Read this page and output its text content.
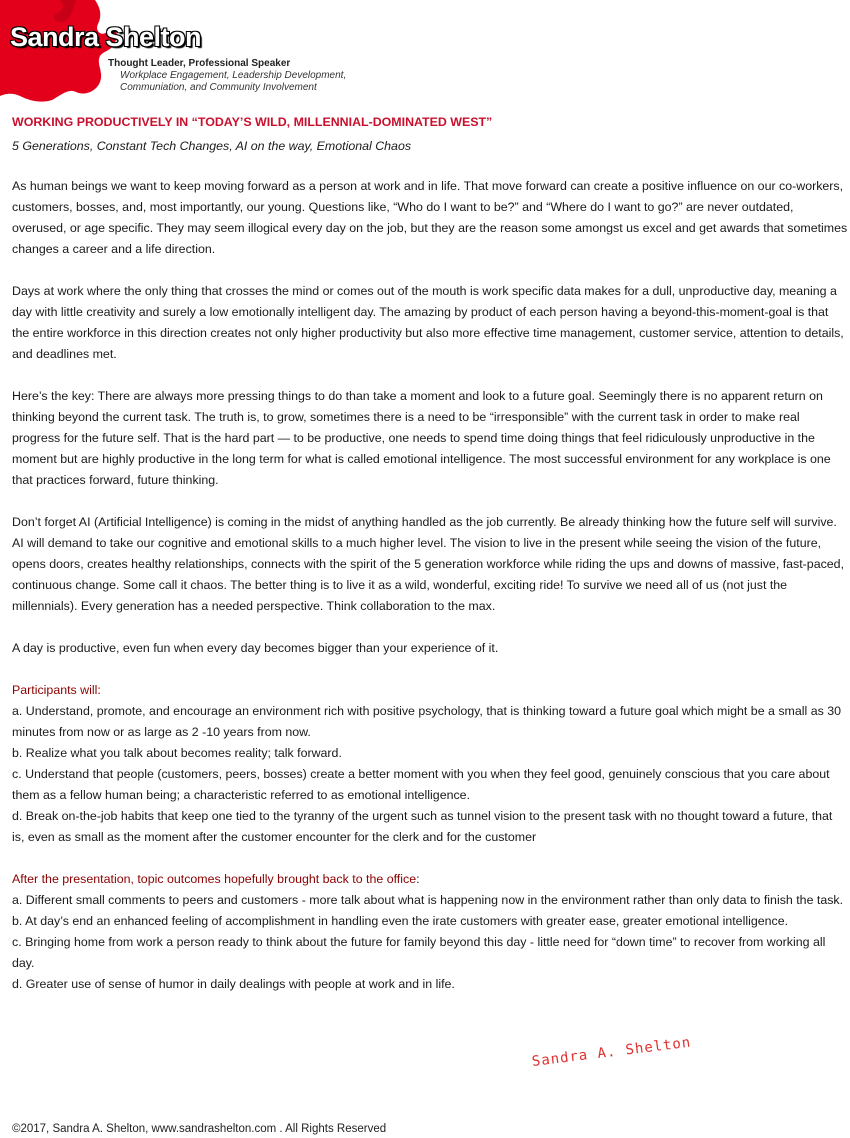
Sandra Shelton
Thought Leader, Professional Speaker
Workplace Engagement, Leadership Development,
Communiation, and Community Involvement

WORKING PRODUCTIVELY IN “TODAY’S WILD, MILLENNIAL-DOMINATED WEST”

5 Generations, Constant Tech Changes, AI on the way, Emotional Chaos

As human beings we want to keep moving forward as a person at work and in life. That move forward can create a positive influence on our co-workers, customers, bosses, and, most importantly, our young. Questions like, “Who do I want to be?” and “Where do I want to go?” are never outdated, overused, or age specific. They may seem illogical every day on the job, but they are the reason some amongst us excel and get awards that sometimes changes a career and a life direction.

Days at work where the only thing that crosses the mind or comes out of the mouth is work specific data makes for a dull, unproductive day, meaning a day with little creativity and surely a low emotionally intelligent day. The amazing by product of each person having a beyond-this-moment-goal is that the entire workforce in this direction creates not only higher productivity but also more effective time management, customer service, attention to details, and deadlines met.

Here’s the key: There are always more pressing things to do than take a moment and look to a future goal. Seemingly there is no apparent return on thinking beyond the current task. The truth is, to grow, sometimes there is a need to be “irresponsible” with the current task in order to make real progress for the future self. That is the hard part — to be productive, one needs to spend time doing things that feel ridiculously unproductive in the moment but are highly productive in the long term for what is called emotional intelligence. The most successful environment for any workplace is one that practices forward, future thinking.

Don’t forget AI (Artificial Intelligence) is coming in the midst of anything handled as the job currently. Be already thinking how the future self will survive. AI will demand to take our cognitive and emotional skills to a much higher level. The vision to live in the present while seeing the vision of the future, opens doors, creates healthy relationships, connects with the spirit of the 5 generation workforce while riding the ups and downs of massive, fast-paced, continuous change. Some call it chaos. The better thing is to live it as a wild, wonderful, exciting ride! To survive we need all of us (not just the millennials). Every generation has a needed perspective. Think collaboration to the max.

A day is productive, even fun when every day becomes bigger than your experience of it.

Participants will:

a. Understand, promote, and encourage an environment rich with positive psychology, that is thinking toward a future goal which might be a small as 30 minutes from now or as large as 2 -10 years from now.

b. Realize what you talk about becomes reality; talk forward.

c. Understand that people (customers, peers, bosses) create a better moment with you when they feel good, genuinely conscious that you care about them as a fellow human being; a characteristic referred to as emotional intelligence.

d. Break on-the-job habits that keep one tied to the tyranny of the urgent such as tunnel vision to the present task with no thought toward a future, that is, even as small as the moment after the customer encounter for the clerk and for the customer

After the presentation, topic outcomes hopefully brought back to the office:

a. Different small comments to peers and customers - more talk about what is happening now in the environment rather than only data to finish the task.

b. At day’s end an enhanced feeling of accomplishment in handling even the irate customers with greater ease, greater emotional intelligence.

c. Bringing home from work a person ready to think about the future for family beyond this day - little need for “down time” to recover from working all day.

d. Greater use of sense of humor in daily dealings with people at work and in life.

Sandra A. Shelton
©2017, Sandra A. Shelton, www.sandrashelton.com . All Rights Reserved
